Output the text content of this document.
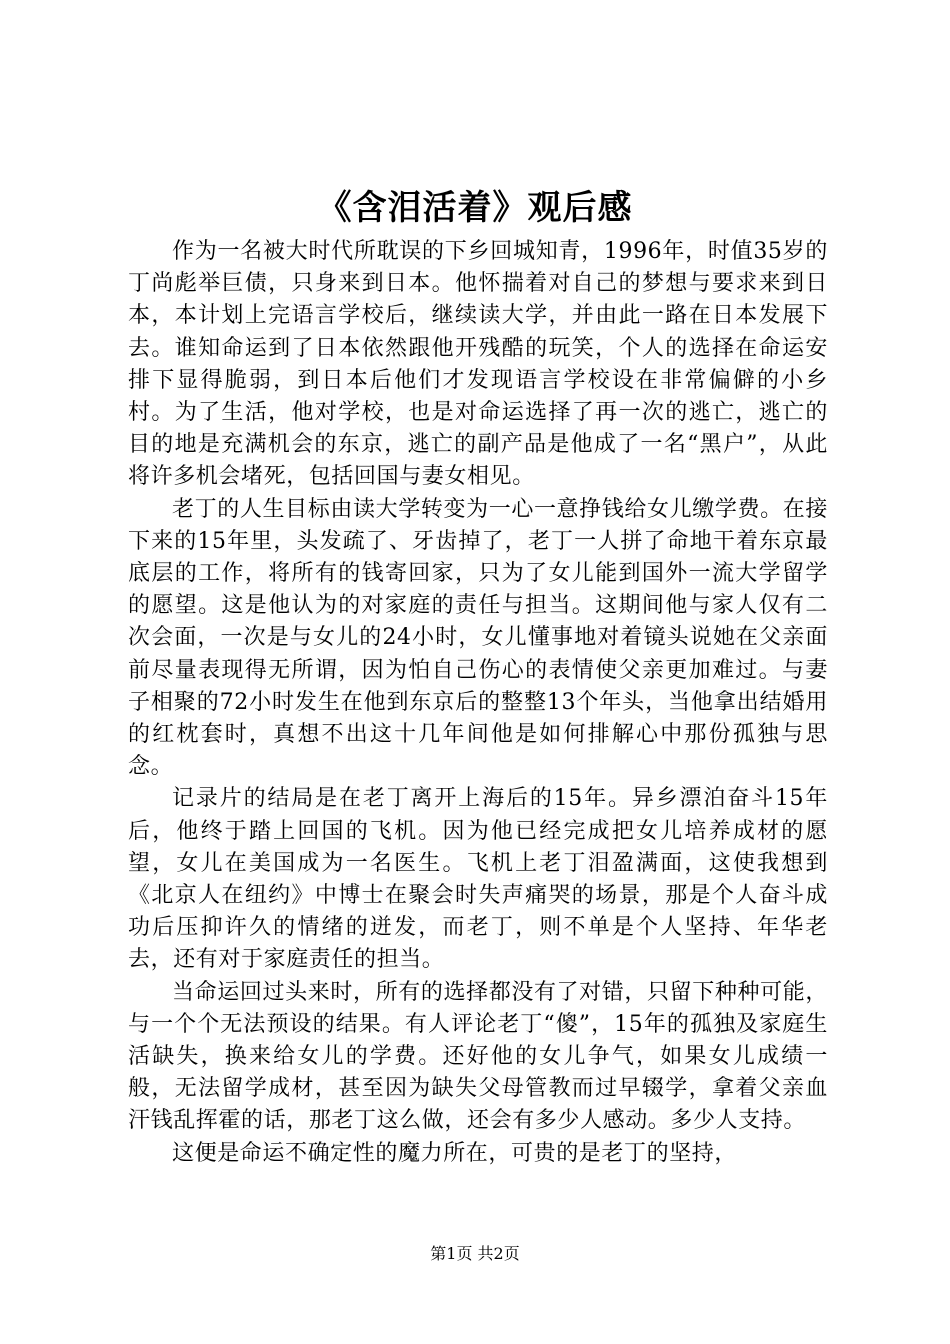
《含泪活着》观后感

作为一名被大时代所耽误的下乡回城知青，1996年，时值35岁的丁尚彪举巨债，只身来到日本。他怀揣着对自己的梦想与要求来到日本，本计划上完语言学校后，继续读大学，并由此一路在日本发展下去。谁知命运到了日本依然跟他开残酷的玩笑，个人的选择在命运安排下显得脆弱，到日本后他们才发现语言学校设在非常偏僻的小乡村。为了生活，他对学校，也是对命运选择了再一次的逃亡，逃亡的目的地是充满机会的东京，逃亡的副产品是他成了一名“黑户”，从此将许多机会堵死，包括回国与妻女相见。

老丁的人生目标由读大学转变为一心一意挣钱给女儿缴学费。在接下来的15年里，头发疏了、牙齿掉了，老丁一人拼了命地干着东京最底层的工作，将所有的钱寄回家，只为了女儿能到国外一流大学留学的愿望。这是他认为的对家庭的责任与担当。这期间他与家人仅有二次会面，一次是与女儿的24小时，女儿懂事地对着镜头说她在父亲面前尽量表现得无所谓，因为怕自己伤心的表情使父亲更加难过。与妻子相聚的72小时发生在他到东京后的整整13个年头，当他拿出结婚用的红枕套时，真想不出这十几年间他是如何排解心中那份孤独与思念。

记录片的结局是在老丁离开上海后的15年。异乡漂泊奋斗15年后，他终于踏上回国的飞机。因为他已经完成把女儿培养成材的愿望，女儿在美国成为一名医生。飞机上老丁泪盈满面，这使我想到《北京人在纽约》中博士在聚会时失声痛哭的场景，那是个人奋斗成功后压抑许久的情绪的迸发，而老丁，则不单是个人坚持、年华老去，还有对于家庭责任的担当。

当命运回过头来时，所有的选择都没有了对错，只留下种种可能，与一个个无法预设的结果。有人评论老丁“傻”，15年的孤独及家庭生活缺失，换来给女儿的学费。还好他的女儿争气，如果女儿成绩一般，无法留学成材，甚至因为缺失父母管教而过早辍学，拿着父亲血汗钱乱挥霍的话，那老丁这么做，还会有多少人感动。多少人支持。

这便是命运不确定性的魔力所在，可贵的是老丁的坚持，

第1页 共2页
